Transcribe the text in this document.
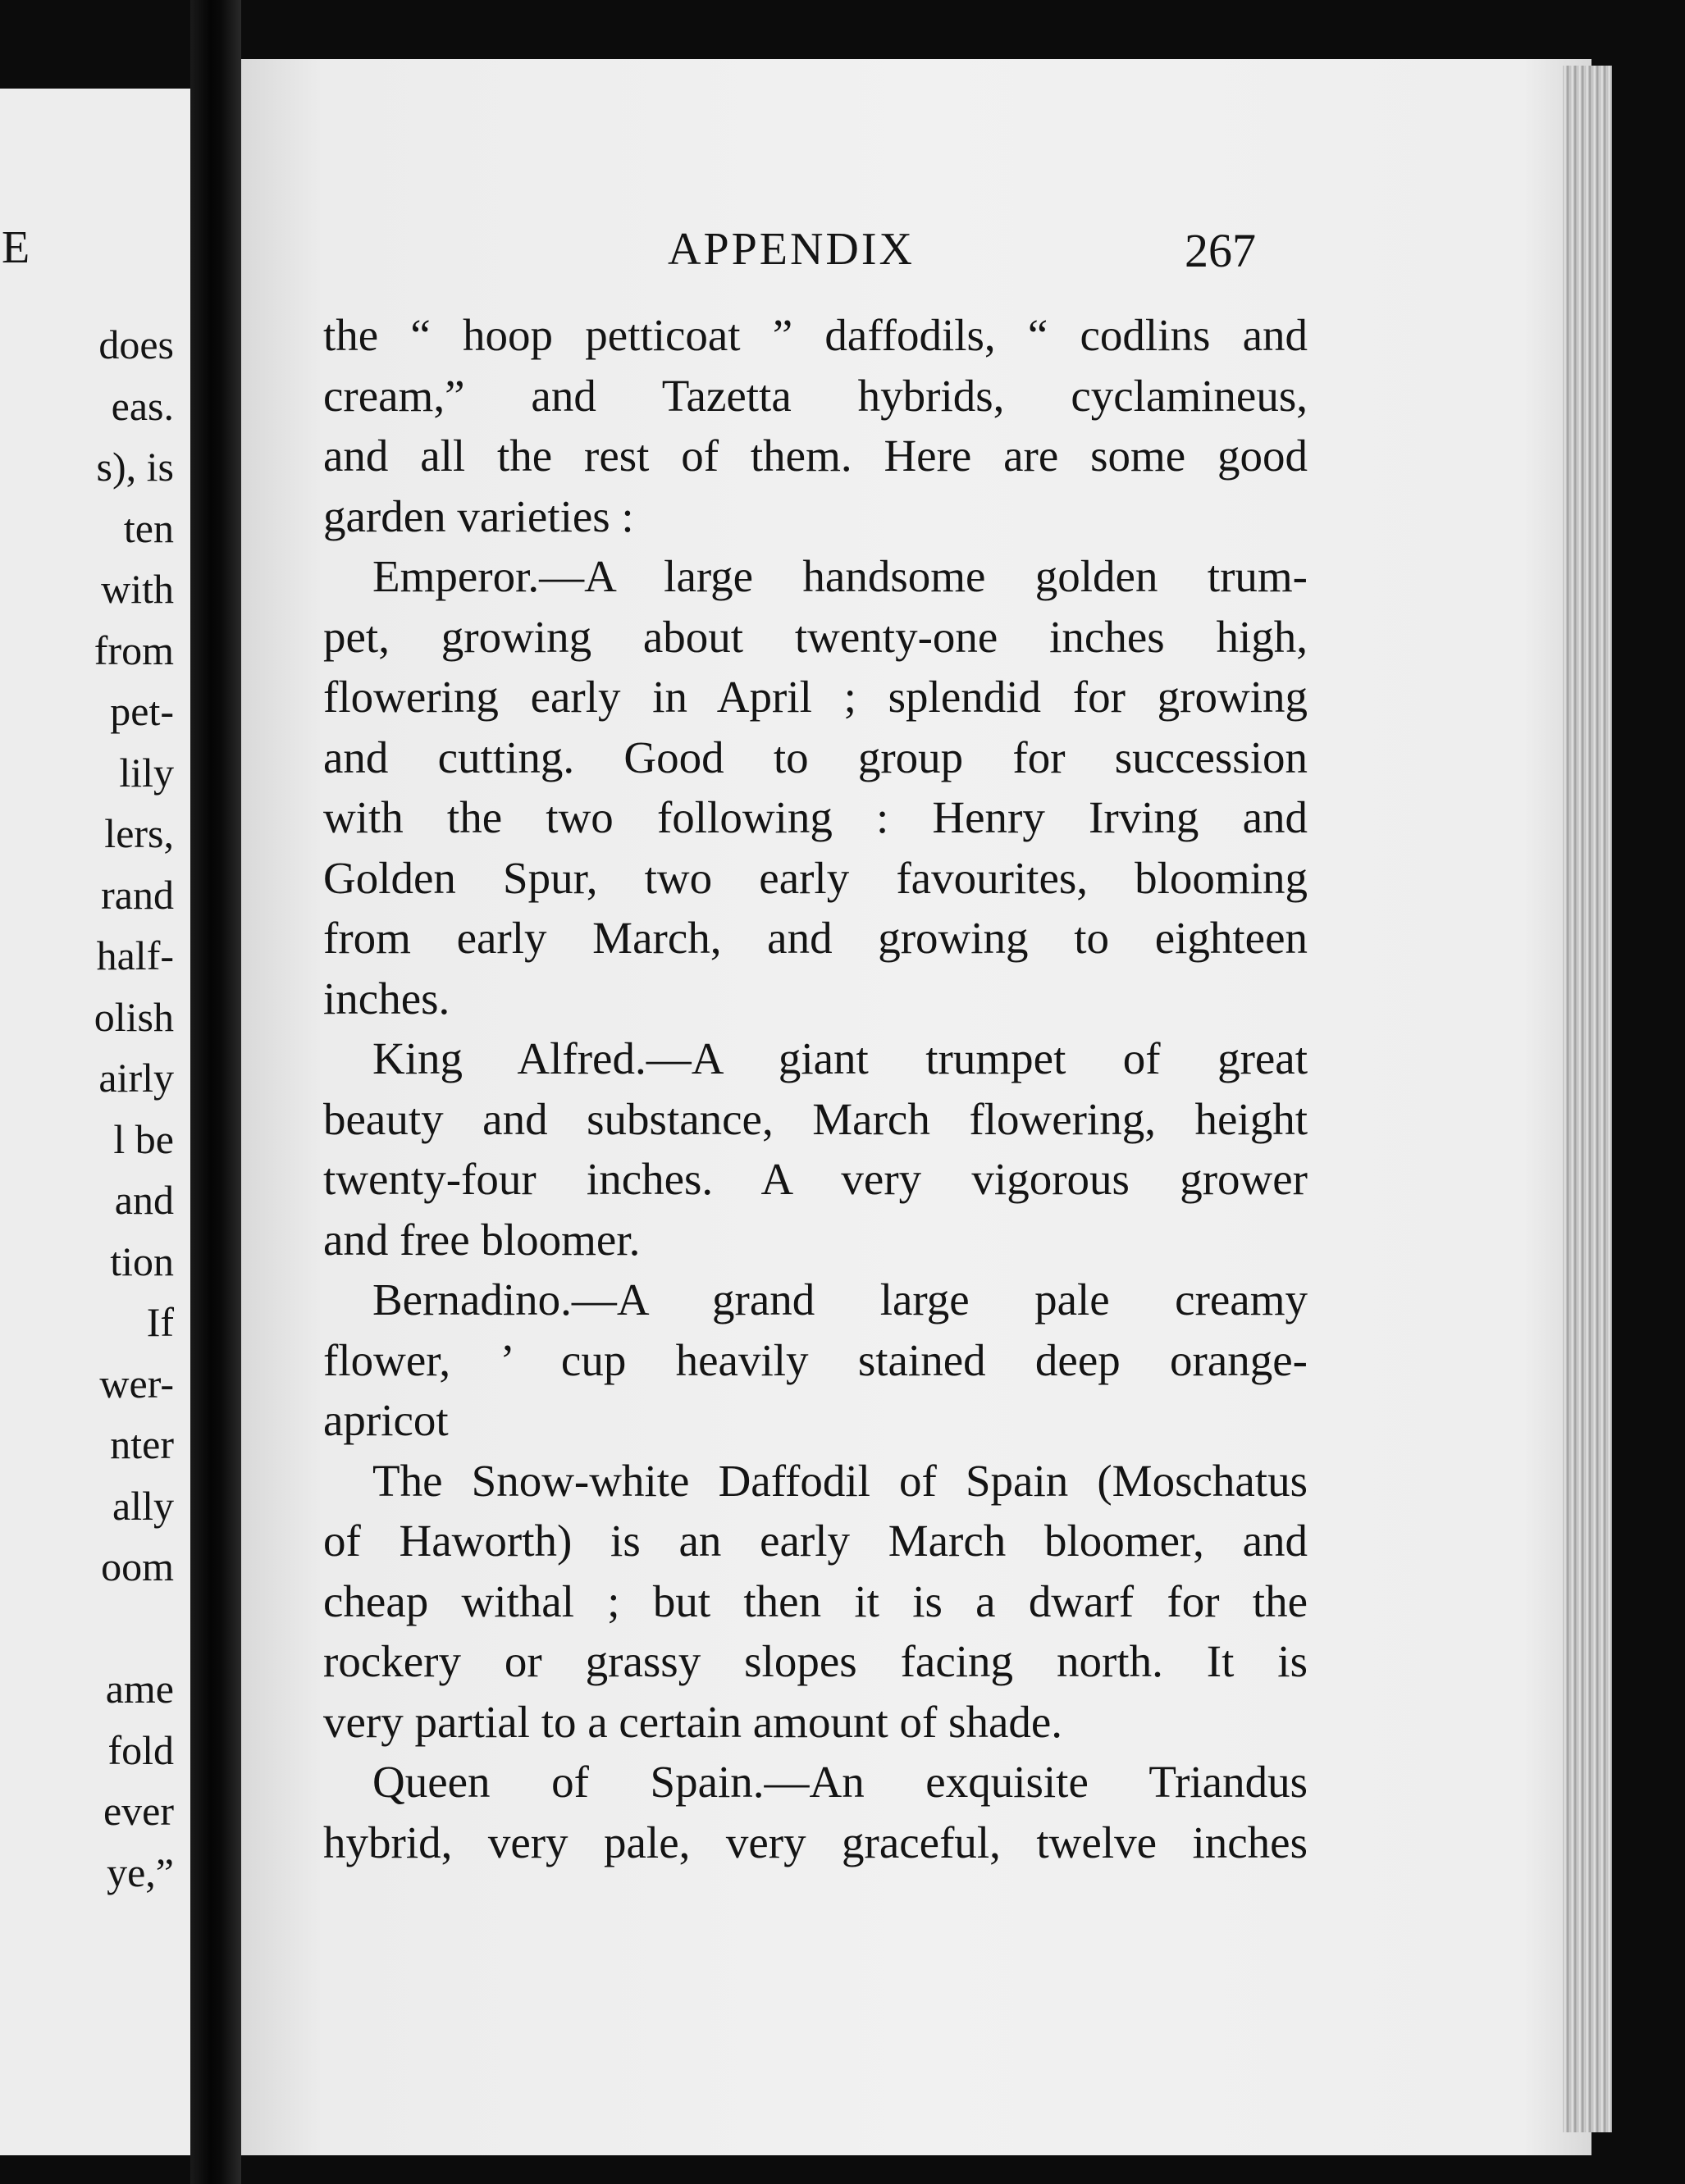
E
does
eas.
s), is
ten
with
from
pet-
lily
lers,
rand
half-
olish
airly
l be
and
tion
If
wer-
nter
ally
oom
ame
fold
ever
ye,”
APPENDIX	267
the “ hoop petticoat ” daffodils, “ codlins and
cream,” and Tazetta hybrids, cyclamineus,
and all the rest of them. Here are some good
garden varieties :
Emperor.—A large handsome golden trum-
pet, growing about twenty-one inches high,
flowering early in April ; splendid for growing
and cutting. Good to group for succession
with the two following : Henry Irving and
Golden Spur, two early favourites, blooming
from early March, and growing to eighteen
inches.
King Alfred.—A giant trumpet of great
beauty and substance, March flowering, height
twenty-four inches. A very vigorous grower
and free bloomer.
Bernadino.—A grand large pale creamy
flower, ’ cup heavily stained deep orange-
apricot
The Snow-white Daffodil of Spain (Moschatus
of Haworth) is an early March bloomer, and
cheap withal ; but then it is a dwarf for the
rockery or grassy slopes facing north. It is
very partial to a certain amount of shade.
Queen of Spain.—An exquisite Triandus
hybrid, very pale, very graceful, twelve inches
